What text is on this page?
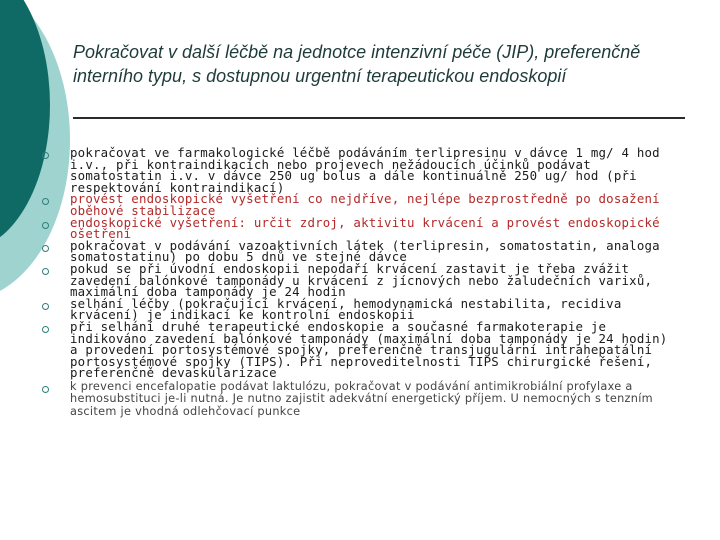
Pokračovat v další léčbě na jednotce intenzivní péče (JIP), preferenčně interního typu, s dostupnou urgentní terapeutickou endoskopií
pokračovat ve farmakologické léčbě podáváním terlipresinu v dávce 1 mg/ 4 hod i.v., při kontraindikacích nebo projevech nežádoucích účinků podávat somatostatin i.v. v dávce 250 ug bolus a dále kontinuálně 250 ug/ hod (při respektování kontraindikací)
provést endoskopické vyšetření co nejdříve, nejlépe bezprostředně po dosažení oběhové stabilizace
endoskopické vyšetření: určit zdroj, aktivitu krvácení a provést endoskopické ošetření
pokračovat v podávání vazoaktivních látek (terlipresin, somatostatin, analoga somatostatinu) po dobu 5 dnů ve stejné dávce
pokud se při úvodní endoskopii nepodaří krvácení zastavit je třeba zvážit zavedení balónkové tamponády u krvácení z jícnových nebo žaludečních varixů, maximální doba tamponády je 24 hodin
selhání léčby (pokračující krvácení, hemodynamická nestabilita, recidiva krvácení) je indikací ke kontrolní endoskopii
při selhání druhé terapeutické endoskopie a současné farmakoterapie je indikováno zavedení balónkové tamponády (maximální doba tamponády je 24 hodin) a provedení portosystémové spojky, preferenčně transjugulární intrahepatální portosystémové spojky (TIPS). Při neproveditelnosti TIPS chirurgické řešení, preferenčně devaskularizace
k prevenci encefalopatie podávat laktulózu, pokračovat v podávání antimikrobiální profylaxe a hemosubstituci je-li nutná. Je nutno zajistit adekvátní energetický příjem. U nemocných s tenzním ascitem je vhodná odlehčovací punkce
